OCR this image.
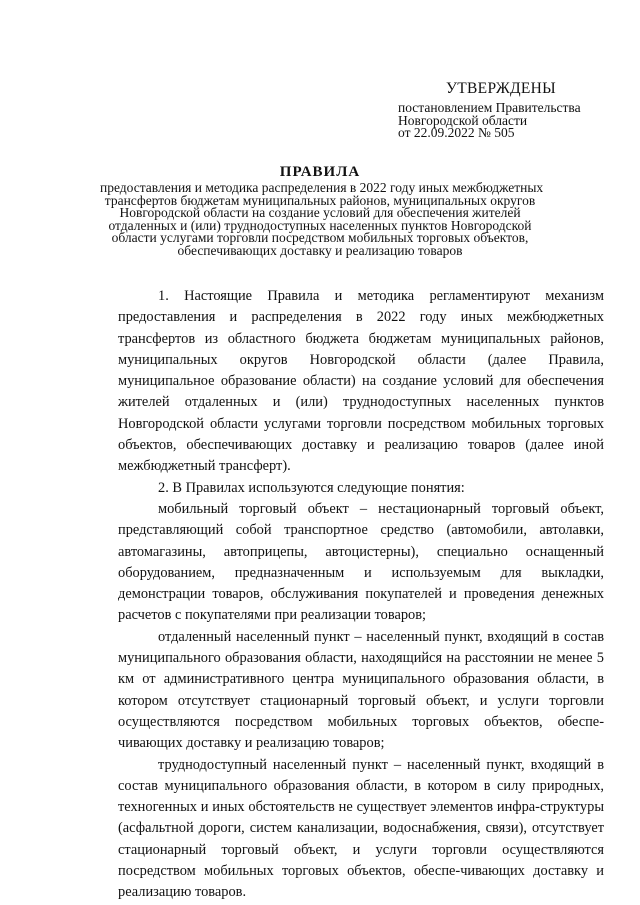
УТВЕРЖДЕНЫ
постановлением Правительства
Новгородской области
от 22.09.2022 № 505
ПРАВИЛА
предоставления и методика распределения в 2022 году иных межбюджетных
трансфертов бюджетам муниципальных районов, муниципальных округов
Новгородской области на создание условий для обеспечения жителей
отдаленных и (или) труднодоступных населенных пунктов Новгородской
области услугами торговли посредством мобильных торговых объектов,
обеспечивающих доставку и реализацию товаров

1. Настоящие Правила и методика регламентируют механизм предоставления и распределения в 2022 году иных межбюджетных трансфертов из областного бюджета бюджетам муниципальных районов, муниципальных округов Новгородской области (далее Правила, муниципальное образование области) на создание условий для обеспечения жителей отдаленных и (или) труднодоступных населенных пунктов Новгородской области услугами торговли посредством мобильных торговых объектов, обеспечивающих доставку и реализацию товаров (далее иной межбюджетный трансферт).

2. В Правилах используются следующие понятия:

мобильный торговый объект – нестационарный торговый объект, представляющий собой транспортное средство (автомобили, автолавки, автомагазины, автоприцепы, автоцистерны), специально оснащенный оборудованием, предназначенным и используемым для выкладки, демонстрации товаров, обслуживания покупателей и проведения денежных расчетов с покупателями при реализации товаров;

отдаленный населенный пункт – населенный пункт, входящий в состав муниципального образования области, находящийся на расстоянии не менее 5 км от административного центра муниципального образования области, в котором отсутствует стационарный торговый объект, и услуги торговли осуществляются посредством мобильных торговых объектов, обеспе-чивающих доставку и реализацию товаров;

труднодоступный населенный пункт – населенный пункт, входящий в состав муниципального образования области, в котором в силу природных, техногенных и иных обстоятельств не существует элементов инфра-структуры (асфальтной дороги, систем канализации, водоснабжения, связи), отсутствует стационарный торговый объект, и услуги торговли осуществляются посредством мобильных торговых объектов, обеспе-чивающих доставку и реализацию товаров.
